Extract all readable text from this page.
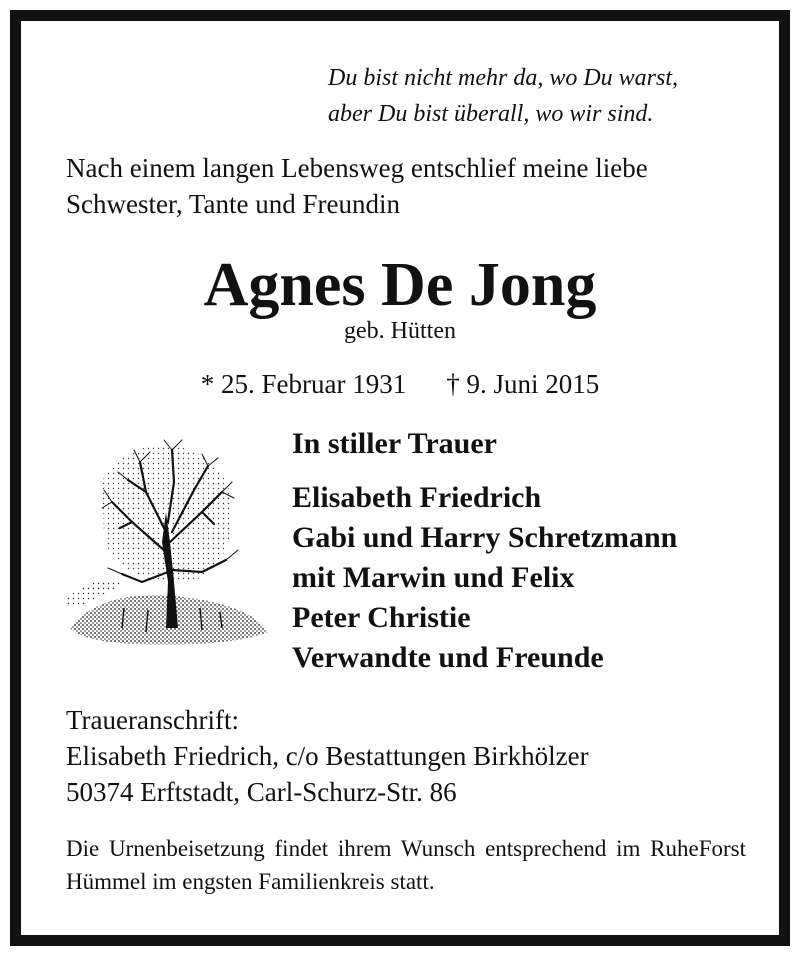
Du bist nicht mehr da, wo Du warst,
aber Du bist überall, wo wir sind.
Nach einem langen Lebensweg entschlief meine liebe
Schwester, Tante und Freundin
Agnes De Jong
geb. Hütten
* 25. Februar 1931 † 9. Juni 2015
In stiller Trauer
Elisabeth Friedrich
Gabi und Harry Schretzmann
mit Marwin und Felix
Peter Christie
Verwandte und Freunde
Traueranschrift:
Elisabeth Friedrich, c/o Bestattungen Birkhölzer
50374 Erftstadt, Carl-Schurz-Str. 86
Die Urnenbeisetzung findet ihrem Wunsch entsprechend im RuheForst Hümmel im engsten Familienkreis statt.
